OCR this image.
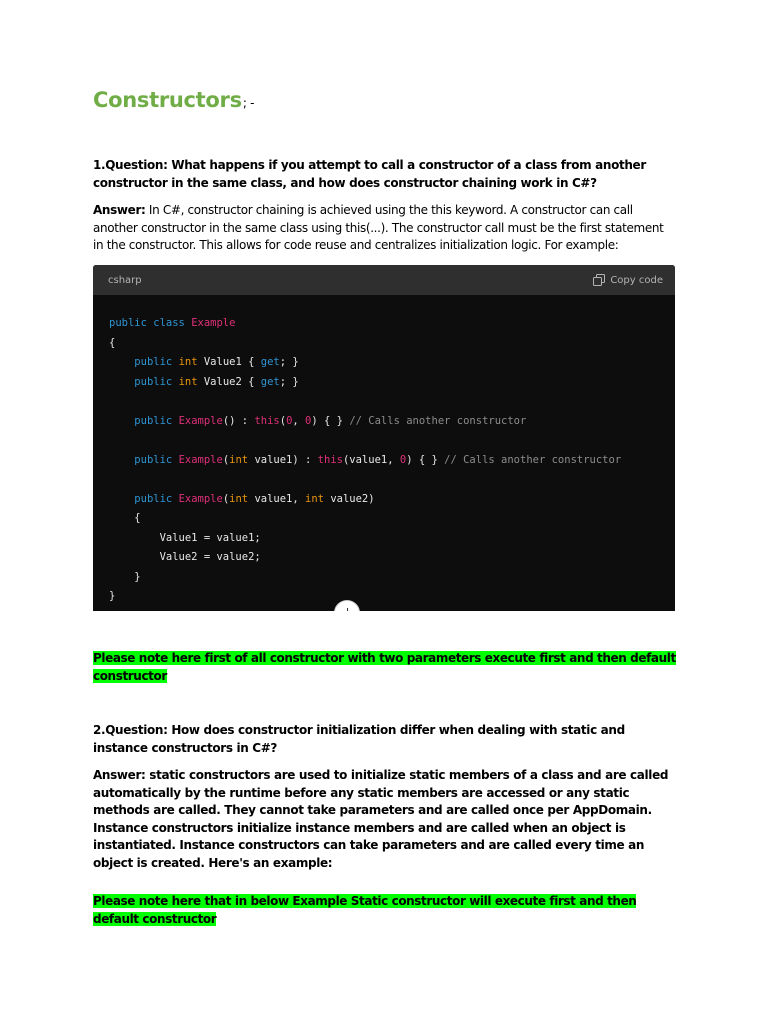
Constructors; -

1.Question: What happens if you attempt to call a constructor of a class from another constructor in the same class, and how does constructor chaining work in C#?

Answer: In C#, constructor chaining is achieved using the this keyword. A constructor can call another constructor in the same class using this(...). The constructor call must be the first statement in the constructor. This allows for code reuse and centralizes initialization logic. For example:

csharp	Copy code
public class Example
{
public int Value1 { get; }
public int Value2 { get; }
public Example() : this(0, 0) { } // Calls another constructor
public Example(int value1) : this(value1, 0) { } // Calls another constructor
public Example(int value1, int value2)
{
Value1 = value1;
Value2 = value2;
}
}

Please note here first of all constructor with two parameters execute first and then default constructor

2.Question: How does constructor initialization differ when dealing with static and instance constructors in C#?

Answer: static constructors are used to initialize static members of a class and are called automatically by the runtime before any static members are accessed or any static methods are called. They cannot take parameters and are called once per AppDomain. Instance constructors initialize instance members and are called when an object is instantiated. Instance constructors can take parameters and are called every time an object is created. Here's an example:

Please note here that in below Example Static constructor will execute first and then default constructor
